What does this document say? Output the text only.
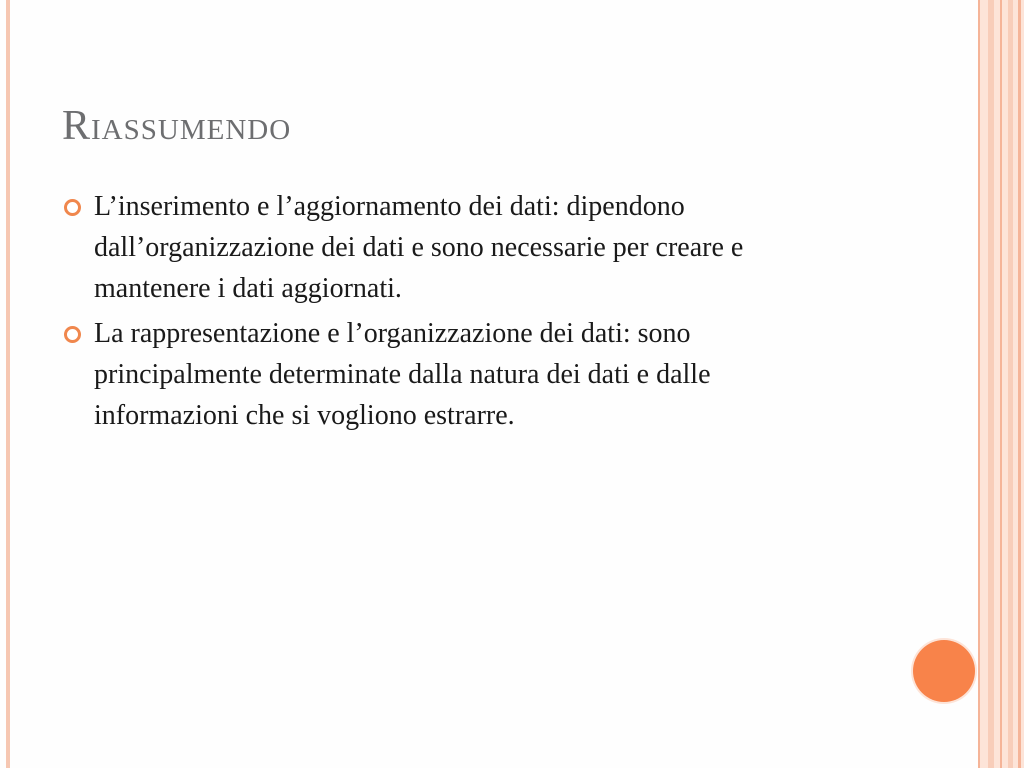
Riassumendo
L’inserimento e l’aggiornamento dei dati: dipendono dall’organizzazione dei dati e sono necessarie per creare e mantenere i dati aggiornati.
La rappresentazione e l’organizzazione dei dati: sono principalmente determinate dalla natura dei dati e dalle informazioni che si vogliono estrarre.
